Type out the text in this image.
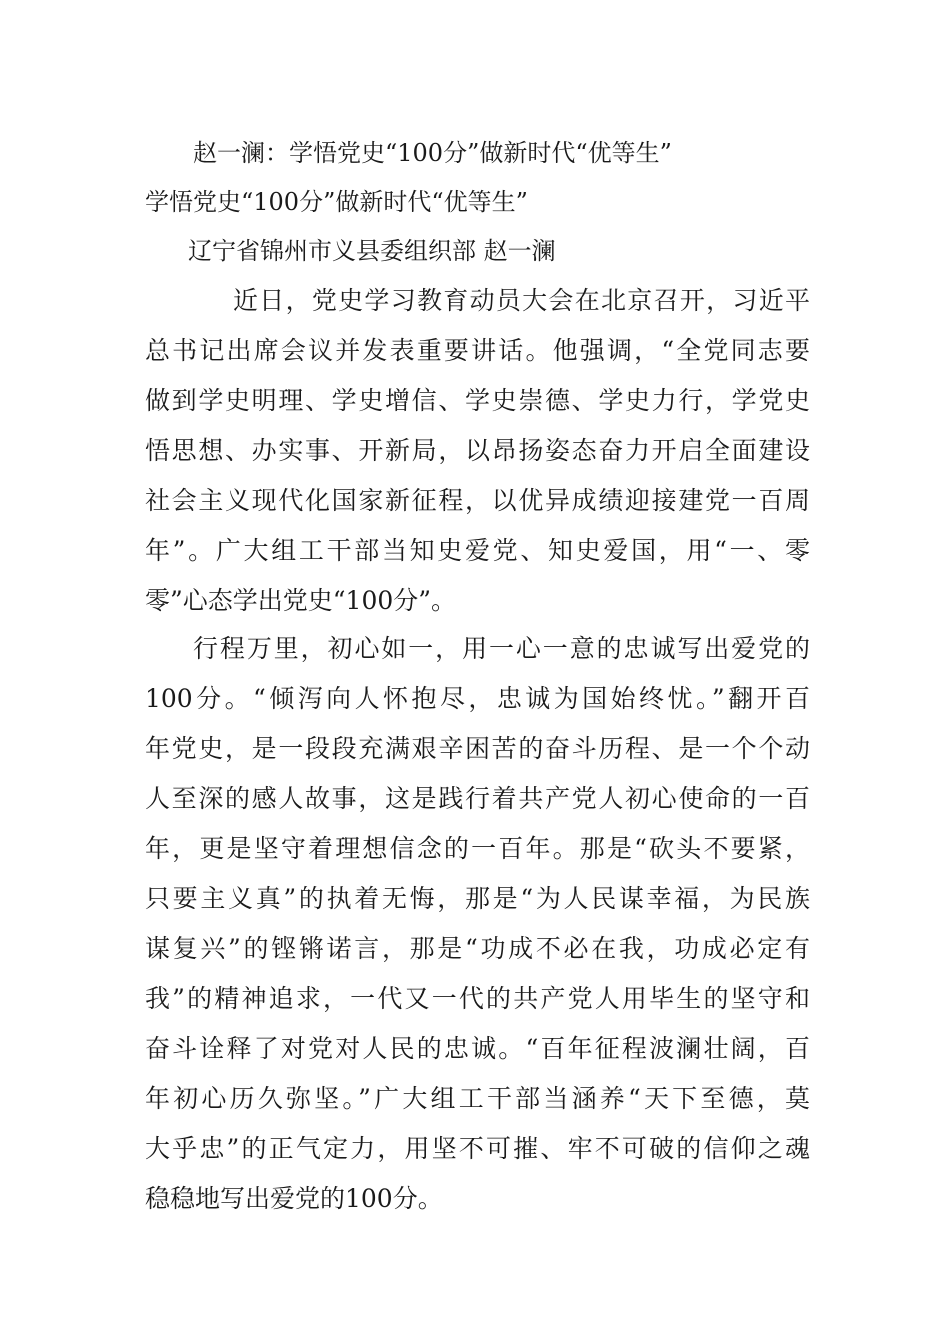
赵一澜：学悟党史“100分”做新时代“优等生”
学悟党史“100分”做新时代“优等生”
辽宁省锦州市义县委组织部 赵一澜
近日，党史学习教育动员大会在北京召开，习近平
总书记出席会议并发表重要讲话。他强调，“全党同志要
做到学史明理、学史增信、学史崇德、学史力行，学党史
悟思想、办实事、开新局，以昂扬姿态奋力开启全面建设
社会主义现代化国家新征程，以优异成绩迎接建党一百周
年”。广大组工干部当知史爱党、知史爱国，用“一、零
零”心态学出党史“100分”。
行程万里，初心如一，用一心一意的忠诚写出爱党的
100分。“倾泻向人怀抱尽，忠诚为国始终忧。”翻开百
年党史，是一段段充满艰辛困苦的奋斗历程、是一个个动
人至深的感人故事，这是践行着共产党人初心使命的一百
年，更是坚守着理想信念的一百年。那是“砍头不要紧，
只要主义真”的执着无悔，那是“为人民谋幸福，为民族
谋复兴”的铿锵诺言，那是“功成不必在我，功成必定有
我”的精神追求，一代又一代的共产党人用毕生的坚守和
奋斗诠释了对党对人民的忠诚。“百年征程波澜壮阔，百
年初心历久弥坚。”广大组工干部当涵养“天下至德，莫
大乎忠”的正气定力，用坚不可摧、牢不可破的信仰之魂
稳稳地写出爱党的100分。
